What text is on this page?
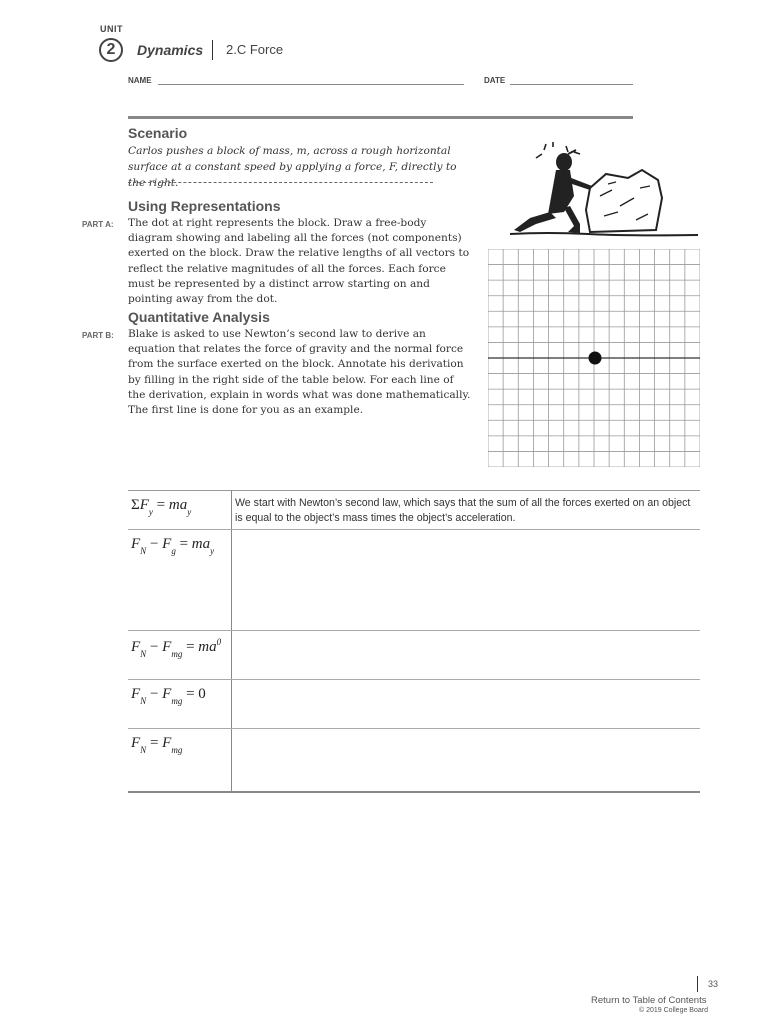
UNIT
2	Dynamics 2.C Force
NAME	DATE
Scenario
Carlos pushes a block of mass, m, across a rough horizontal surface at a constant speed by applying a force, F, directly to the right.
Using Representations
PART A: The dot at right represents the block. Draw a free-body diagram showing and labeling all the forces (not components) exerted on the block. Draw the relative lengths of all vectors to reflect the relative magnitudes of all the forces. Each force must be represented by a distinct arrow starting on and pointing away from the dot.
Quantitative Analysis
PART B: Blake is asked to use Newton’s second law to derive an equation that relates the force of gravity and the normal force from the surface exerted on the block. Annotate his derivation by filling in the right side of the table below. For each line of the derivation, explain in words what was done mathematically. The first line is done for you as an example.
$\Sigma F_y = ma_y$
We start with Newton’s second law, which says that the sum of all the forces exerted on an object is equal to the object’s mass times the object’s acceleration.
$F_N - F_g = ma_y$
$F_N - F_{mg} = ma^0$
$F_N - F_{mg} = 0$
$F_N = F_{mg}$
33
Return to Table of Contents
© 2019 College Board
